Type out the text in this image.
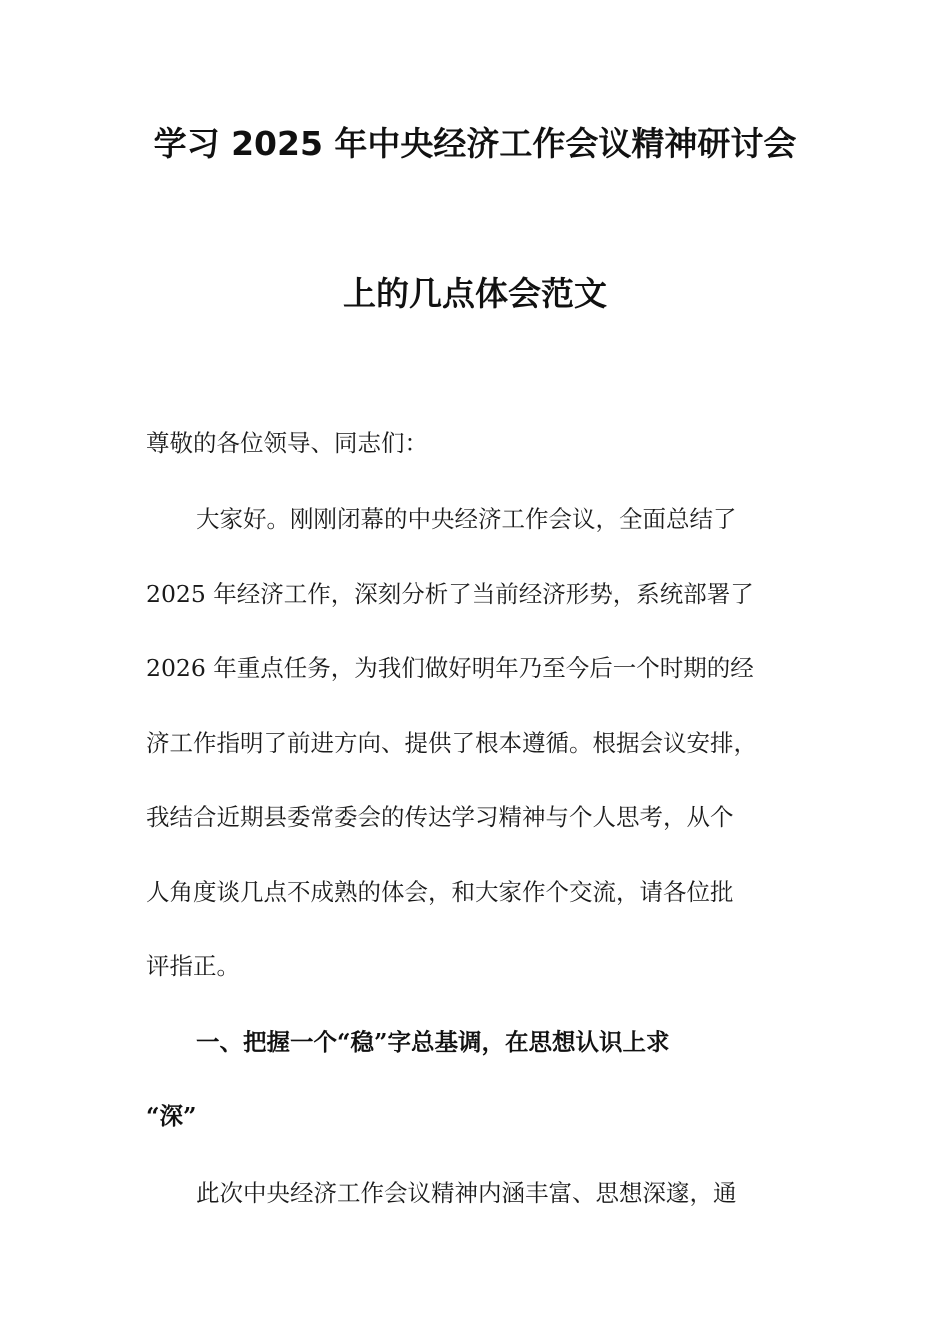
学习 2025 年中央经济工作会议精神研讨会
上的几点体会范文
尊敬的各位领导、同志们：
大家好。刚刚闭幕的中央经济工作会议，全面总结了
2025 年经济工作，深刻分析了当前经济形势，系统部署了
2026 年重点任务，为我们做好明年乃至今后一个时期的经
济工作指明了前进方向、提供了根本遵循。根据会议安排，
我结合近期县委常委会的传达学习精神与个人思考，从个
人角度谈几点不成熟的体会，和大家作个交流，请各位批
评指正。
一、把握一个“稳”字总基调，在思想认识上求
“深”
此次中央经济工作会议精神内涵丰富、思想深邃，通
